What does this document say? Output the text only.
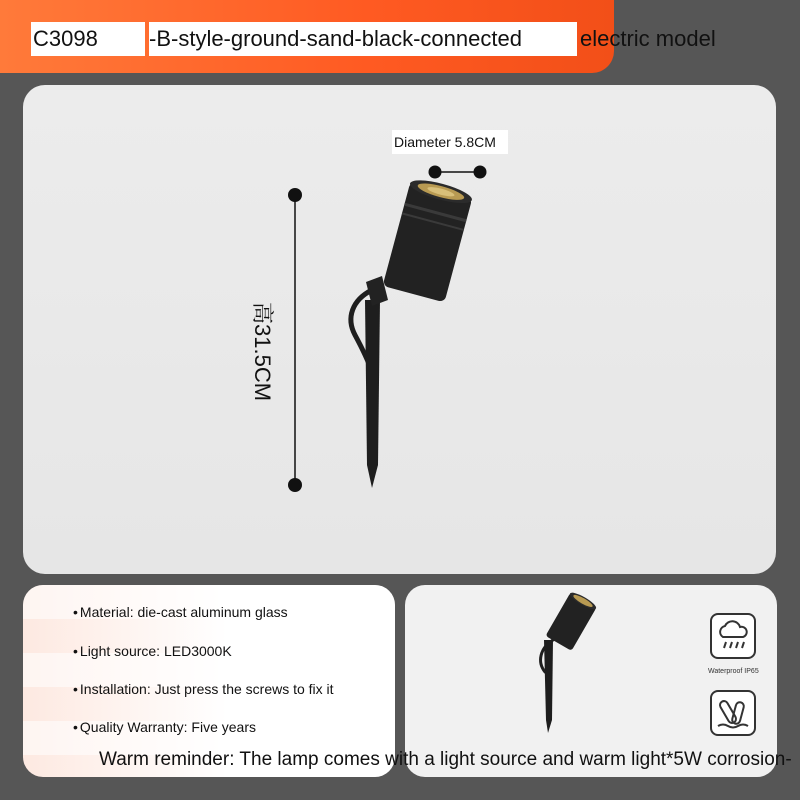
C3098	-B-style-ground-sand-black-connected	electric model
Diameter 5.8CM
高31.5CM
• Material: die-cast aluminum glass
• Light source: LED3000K
• Installation: Just press the screws to fix it
• Quality Warranty: Five years
Waterproof IP65
Warm reminder: The lamp comes with a light source and warm light*5W corrosion-
